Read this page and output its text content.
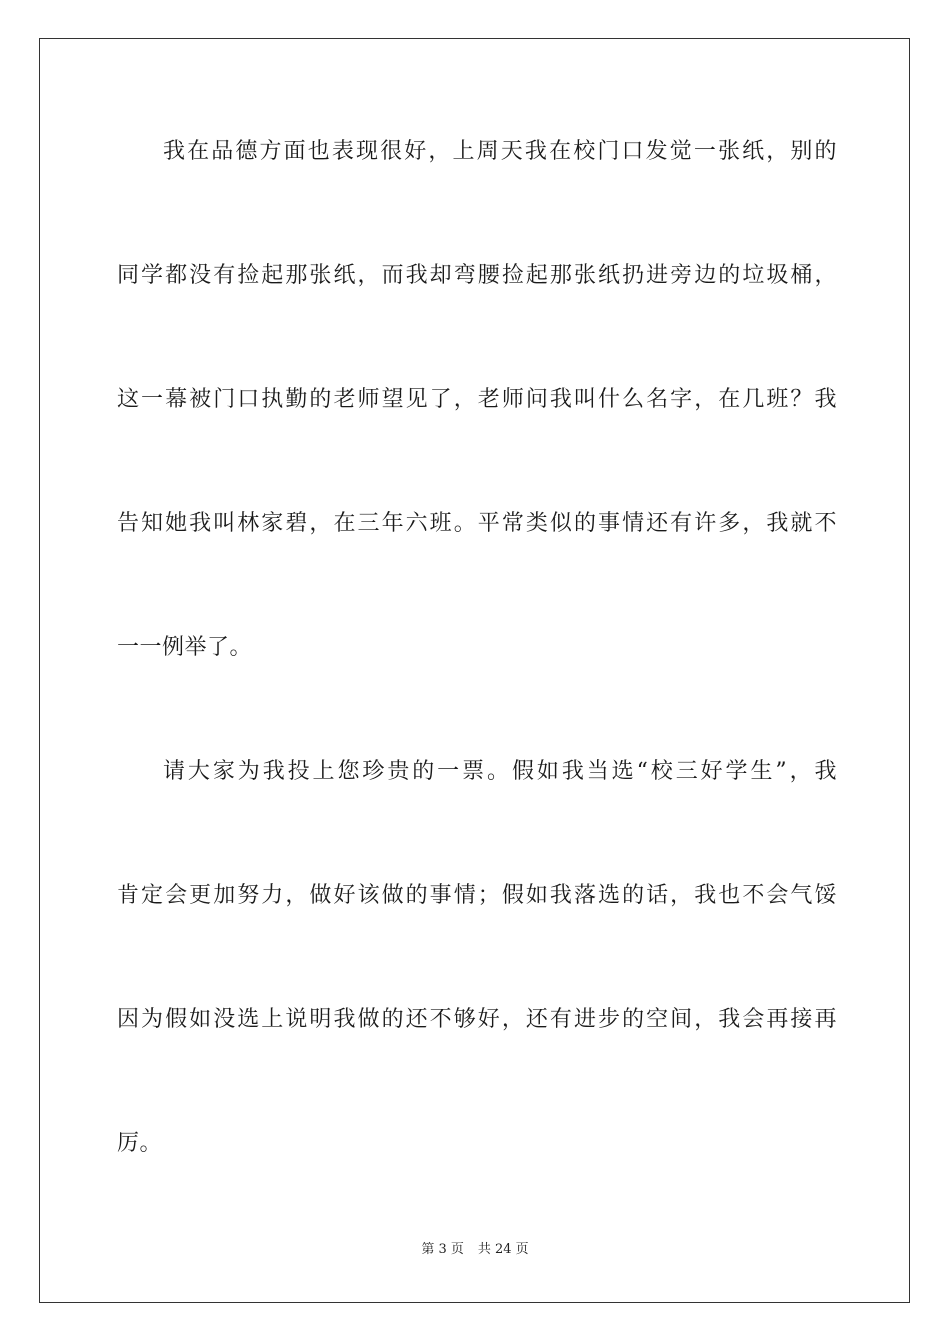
我在品德方面也表现很好，上周天我在校门口发觉一张纸，别的
同学都没有捡起那张纸，而我却弯腰捡起那张纸扔进旁边的垃圾桶，
这一幕被门口执勤的老师望见了，老师问我叫什么名字，在几班？我
告知她我叫林家碧，在三年六班。平常类似的事情还有许多，我就不
一一例举了。
请大家为我投上您珍贵的一票。假如我当选“校三好学生”，我
肯定会更加努力，做好该做的事情；假如我落选的话，我也不会气馁
因为假如没选上说明我做的还不够好，还有进步的空间，我会再接再
厉。
第 3 页 共 24 页
